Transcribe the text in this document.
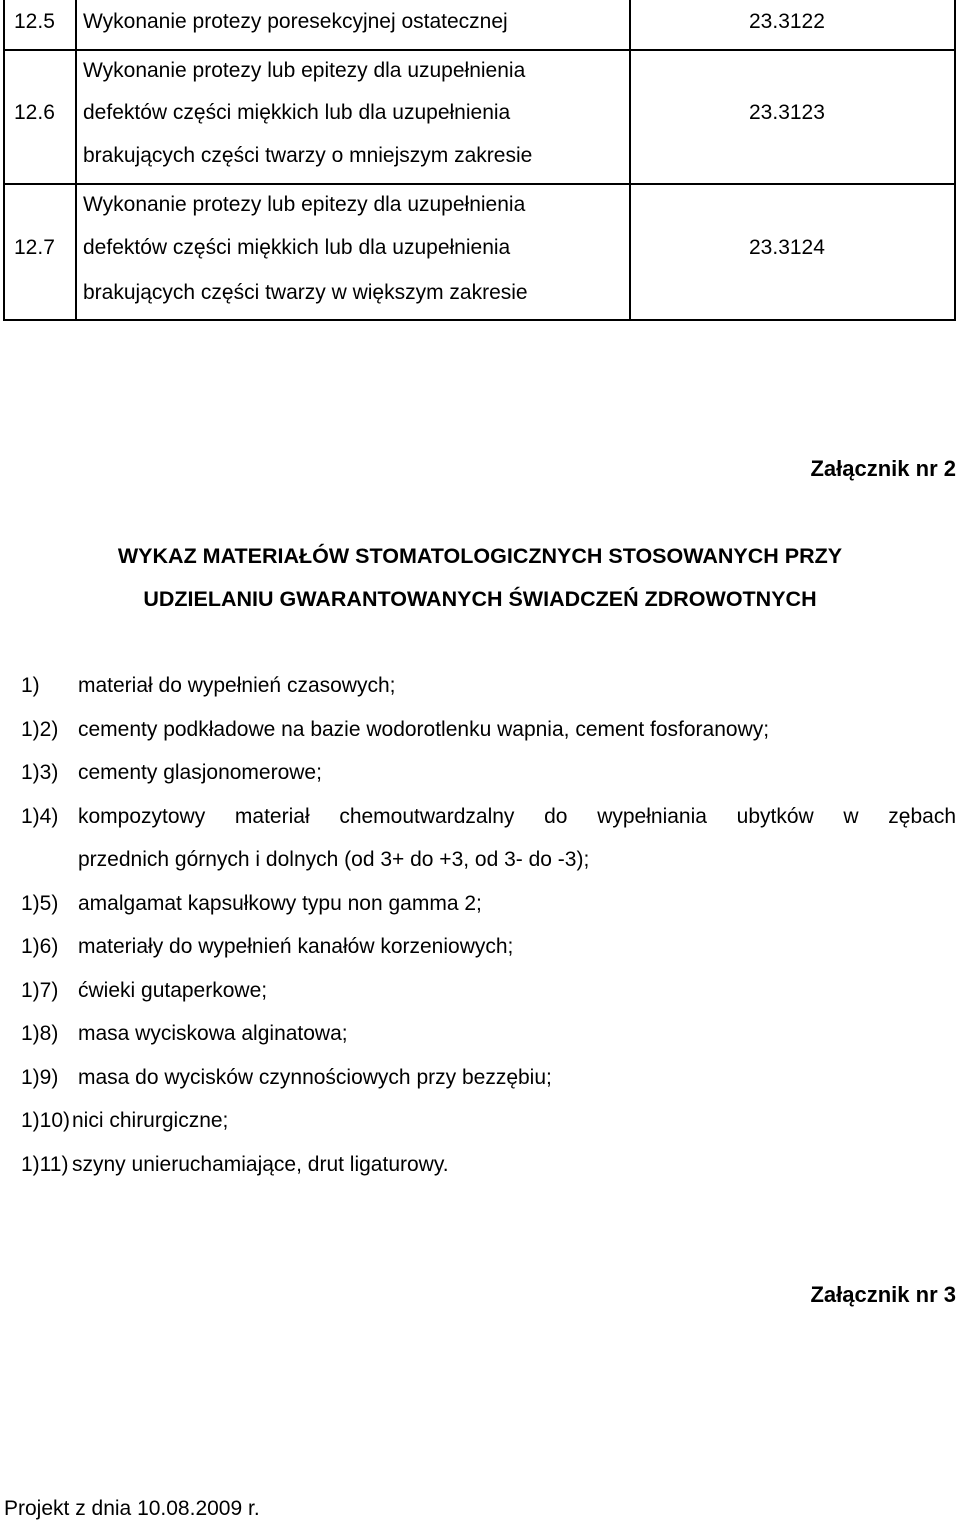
12.5 Wykonanie protezy poresekcyjnej ostatecznej	23.3122
12.6
Wykonanie protezy lub epitezy dla uzupełnienia
defektów części miękkich lub dla uzupełnienia
brakujących części twarzy o mniejszym zakresie
23.3123
12.7
Wykonanie protezy lub epitezy dla uzupełnienia
defektów części miękkich lub dla uzupełnienia
brakujących części twarzy w większym zakresie
23.3124
Załącznik nr 2
WYKAZ MATERIAŁÓW STOMATOLOGICZNYCH STOSOWANYCH PRZY
UDZIELANIU GWARANTOWANYCH ŚWIADCZEŃ ZDROWOTNYCH
1) materiał do wypełnień czasowych;
1)2) cementy podkładowe na bazie wodorotlenku wapnia, cement fosforanowy;
1)3) cementy glasjonomerowe;
1)4) kompozytowy materiał chemoutwardzalny do wypełniania ubytków w zębach
przednich górnych i dolnych (od 3+ do +3, od 3- do -3);
1)5) amalgamat kapsułkowy typu non gamma 2;
1)6) materiały do wypełnień kanałów korzeniowych;
1)7) ćwieki gutaperkowe;
1)8) masa wyciskowa alginatowa;
1)9) masa do wycisków czynnościowych przy bezzębiu;
1)10) nici chirurgiczne;
1)11) szyny unieruchamiające, drut ligaturowy.
Załącznik nr 3
Projekt z dnia 10.08.2009 r.
